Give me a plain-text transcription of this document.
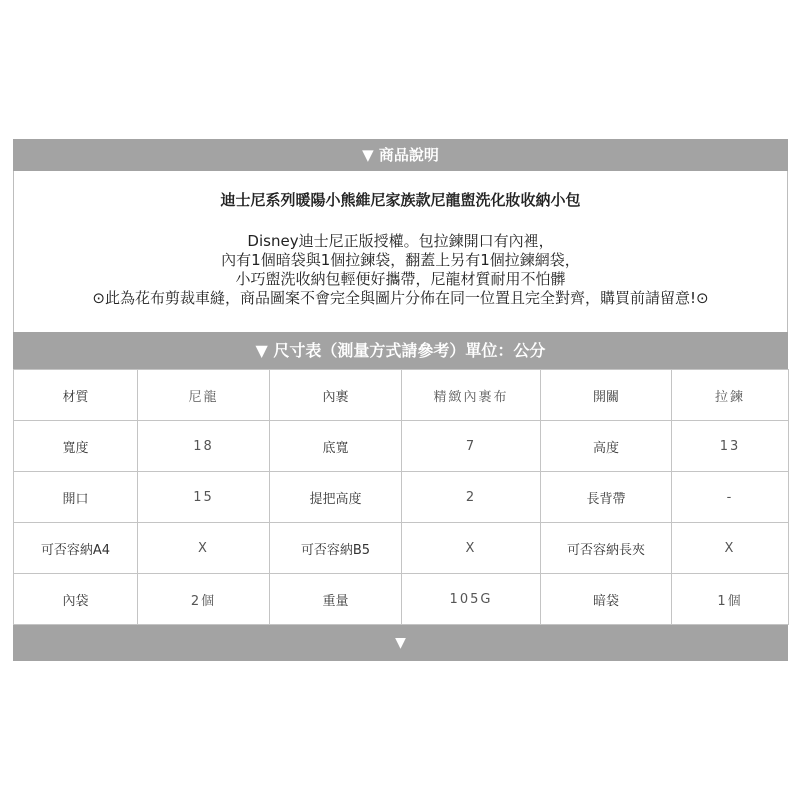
▼ 商品說明
迪士尼系列暖陽小熊維尼家族款尼龍盥洗化妝收納小包
Disney迪士尼正版授權。包拉鍊開口有內裡，
內有1個暗袋與1個拉鍊袋，翻蓋上另有1個拉鍊網袋，
小巧盥洗收納包輕便好攜帶，尼龍材質耐用不怕髒
⊙此為花布剪裁車縫，商品圖案不會完全與圖片分佈在同一位置且完全對齊，購買前請留意!⊙
▼ 尺寸表（測量方式請參考）單位：公分
材質	尼龍	內裹	精緻內裹布	開關	拉鍊
寬度	18	底寬	7	高度	13
開口	15	提把高度	2	長背帶	-
可否容納A4	X	可否容納B5	X	可否容納長夾	X
內袋	2個	重量	105G	暗袋	1個
▼
